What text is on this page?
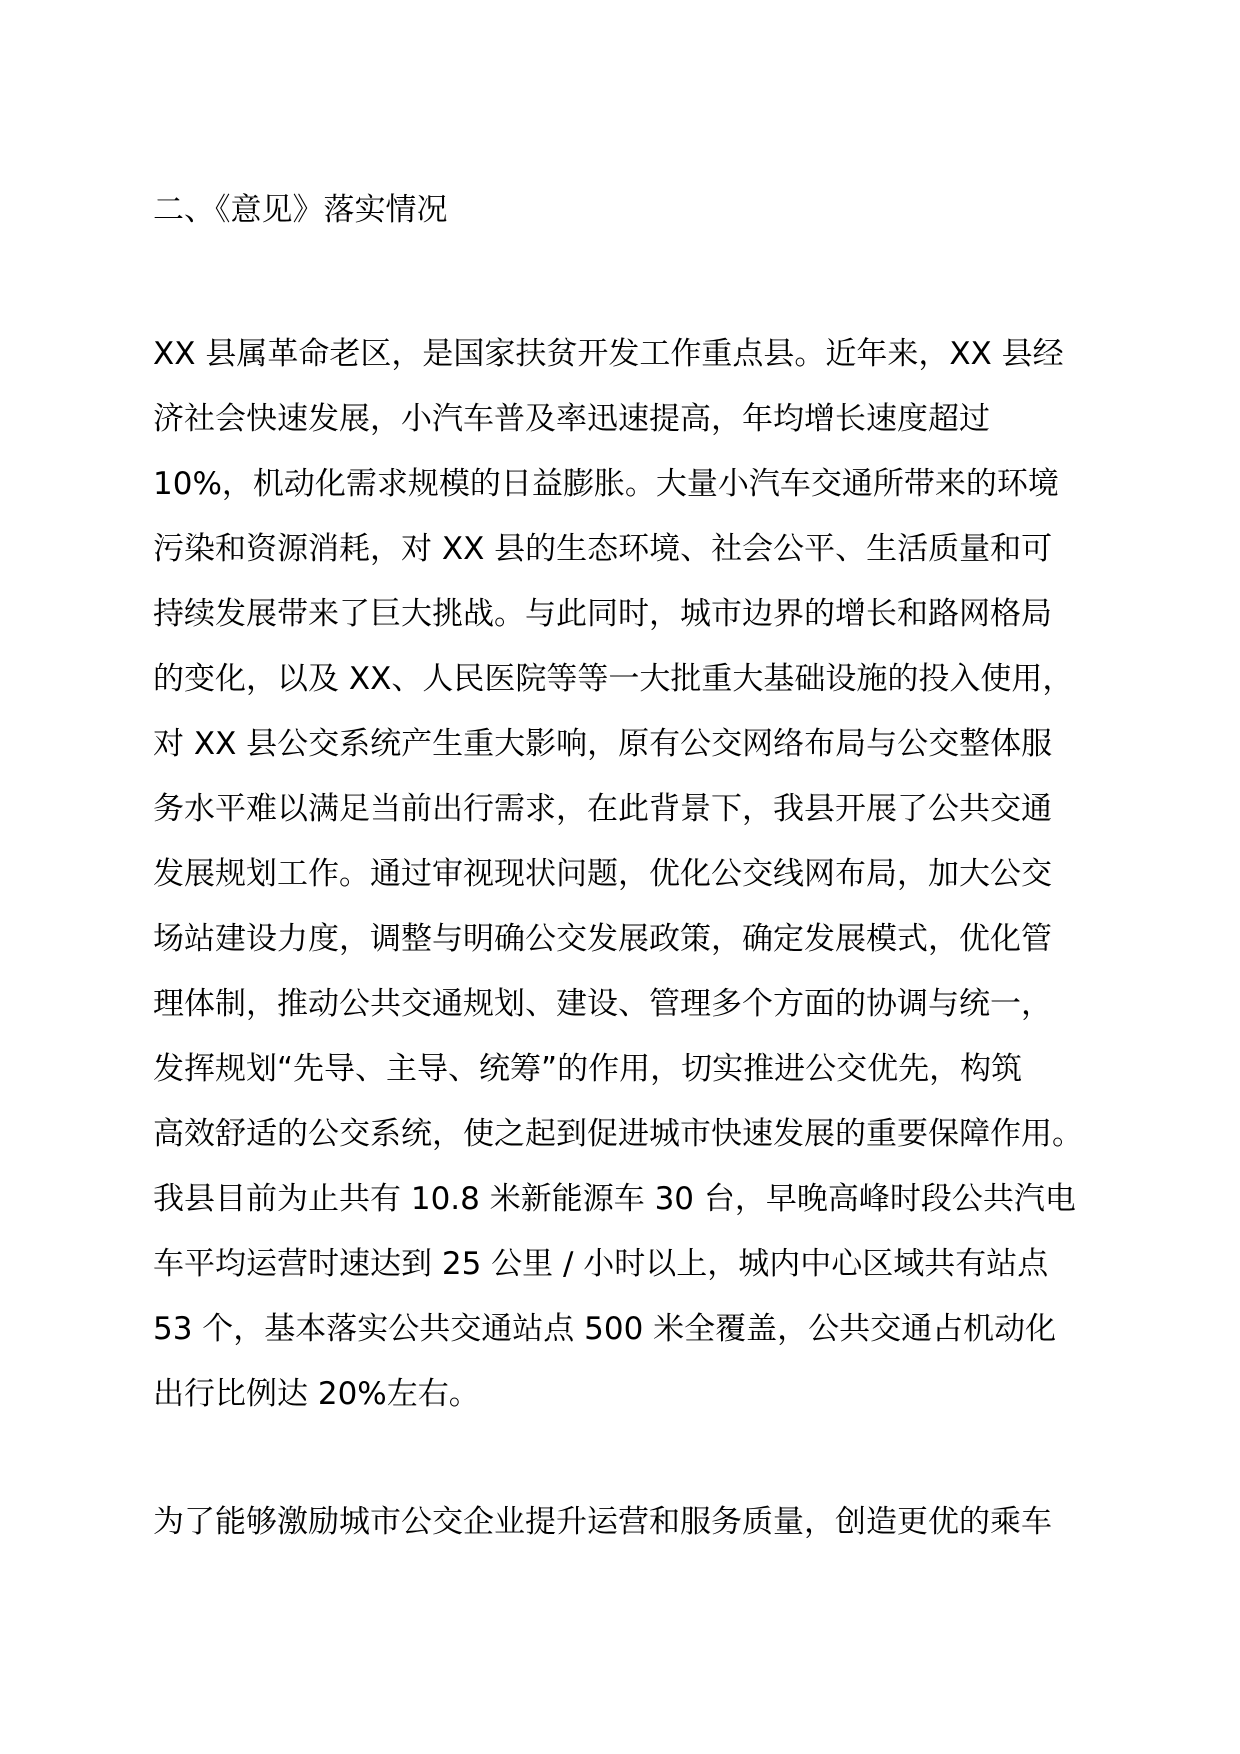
二、《意见》落实情况
XX 县属革命老区，是国家扶贫开发工作重点县。近年来，XX 县经
济社会快速发展，小汽车普及率迅速提高，年均增长速度超过
10%，机动化需求规模的日益膨胀。大量小汽车交通所带来的环境
污染和资源消耗，对 XX 县的生态环境、社会公平、生活质量和可
持续发展带来了巨大挑战。与此同时，城市边界的增长和路网格局
的变化，以及 XX、人民医院等等一大批重大基础设施的投入使用，
对 XX 县公交系统产生重大影响，原有公交网络布局与公交整体服
务水平难以满足当前出行需求，在此背景下，我县开展了公共交通
发展规划工作。通过审视现状问题，优化公交线网布局，加大公交
场站建设力度，调整与明确公交发展政策，确定发展模式，优化管
理体制，推动公共交通规划、建设、管理多个方面的协调与统一，
发挥规划“先导、主导、统筹”的作用，切实推进公交优先，构筑
高效舒适的公交系统，使之起到促进城市快速发展的重要保障作用。
我县目前为止共有 10.8 米新能源车 30 台，早晚高峰时段公共汽电
车平均运营时速达到 25 公里 / 小时以上，城内中心区域共有站点
53 个，基本落实公共交通站点 500 米全覆盖，公共交通占机动化
出行比例达 20%左右。
为了能够激励城市公交企业提升运营和服务质量，创造更优的乘车
